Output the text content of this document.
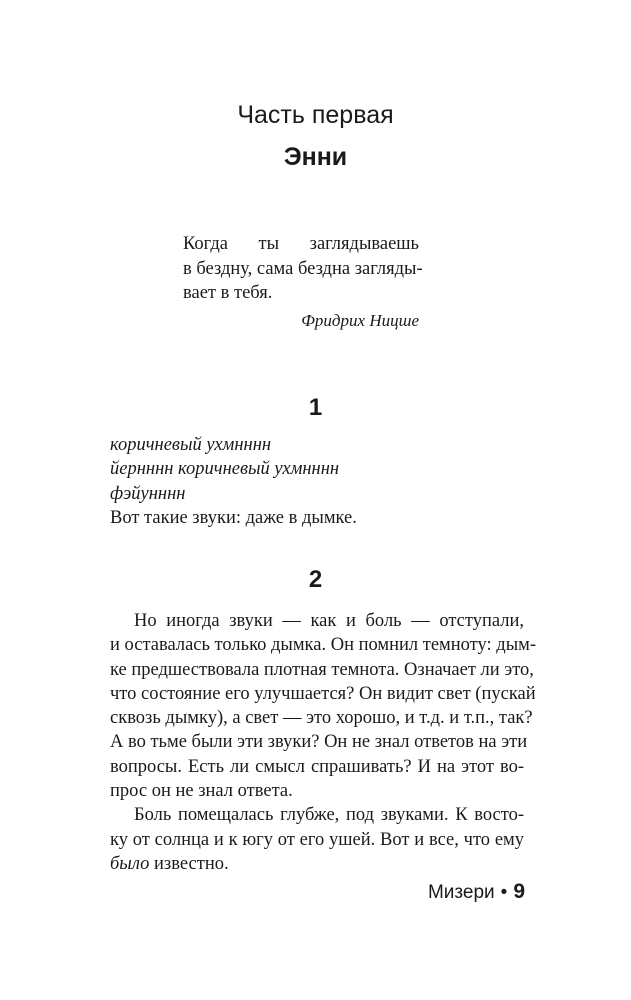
Часть первая
Энни
Когда ты заглядываешь
в бездну, сама бездна загляды-
вает в тебя.
Фридрих Ницше
1
коричневый ухмнннн
йернннн коричневый ухмнннн
фэйунннн
Вот такие звуки: даже в дымке.
2
Но иногда звуки — как и боль — отступали,
и оставалась только дымка. Он помнил темноту: дым-
ке предшествовала плотная темнота. Означает ли это,
что состояние его улучшается? Он видит свет (пускай
сквозь дымку), а свет — это хорошо, и т.д. и т.п., так?
А во тьме были эти звуки? Он не знал ответов на эти
вопросы. Есть ли смысл спрашивать? И на этот во-
прос он не знал ответа.
Боль помещалась глубже, под звуками. К восто-
ку от солнца и к югу от его ушей. Вот и все, что ему
было известно.
Мизери • 9
